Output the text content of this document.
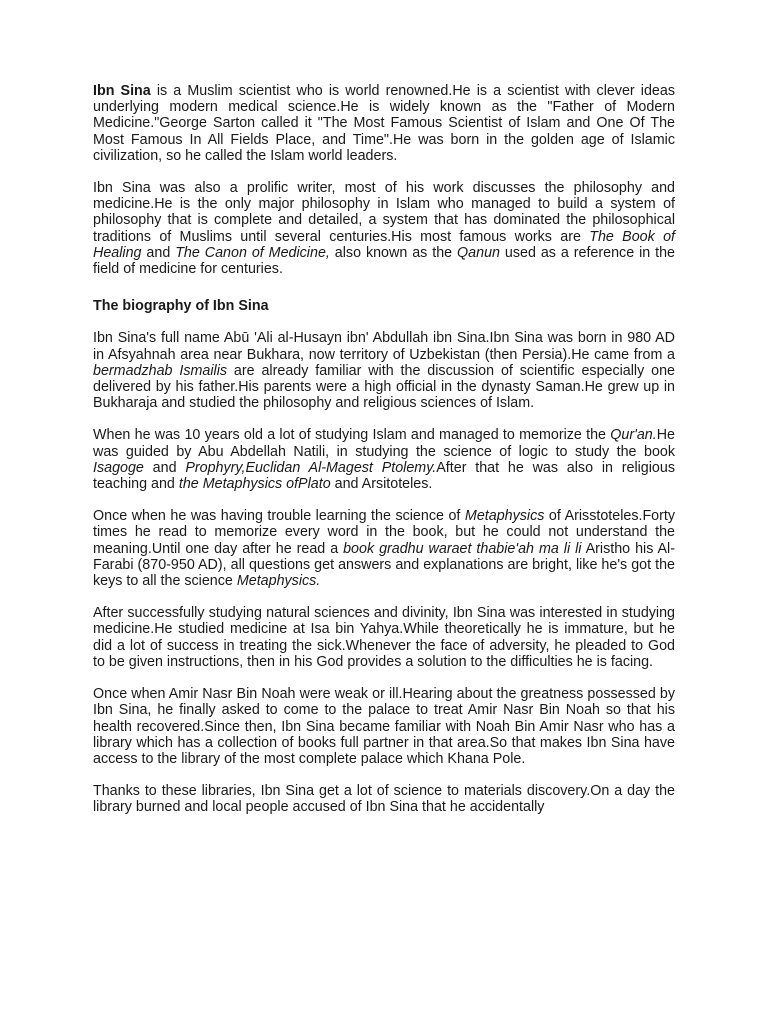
Ibn Sina is a Muslim scientist who is world renowned.He is a scientist with clever ideas underlying modern medical science.He is widely known as the "Father of Modern Medicine."George Sarton called it "The Most Famous Scientist of Islam and One Of The Most Famous In All Fields Place, and Time".He was born in the golden age of Islamic civilization, so he called the Islam world leaders.

Ibn Sina was also a prolific writer, most of his work discusses the philosophy and medicine.He is the only major philosophy in Islam who managed to build a system of philosophy that is complete and detailed, a system that has dominated the philosophical traditions of Muslims until several centuries.His most famous works are The Book of Healing and The Canon of Medicine, also known as the Qanun used as a reference in the field of medicine for centuries.

The biography of Ibn Sina

Ibn Sina's full name Abū 'Ali al-Husayn ibn' Abdullah ibn Sina.Ibn Sina was born in 980 AD in Afsyahnah area near Bukhara, now territory of Uzbekistan (then Persia).He came from a bermadzhab Ismailis are already familiar with the discussion of scientific especially one delivered by his father.His parents were a high official in the dynasty Saman.He grew up in Bukharaja and studied the philosophy and religious sciences of Islam.

When he was 10 years old a lot of studying Islam and managed to memorize the Qur'an.He was guided by Abu Abdellah Natili, in studying the science of logic to study the book Isagoge and Prophyry,Euclidan Al-Magest Ptolemy.After that he was also in religious teaching and the Metaphysics ofPlato and Arsitoteles.

Once when he was having trouble learning the science of Metaphysics of Arisstoteles.Forty times he read to memorize every word in the book, but he could not understand the meaning.Until one day after he read a book gradhu waraet thabie'ah ma li li Aristho his Al-Farabi (870-950 AD), all questions get answers and explanations are bright, like he's got the keys to all the science Metaphysics.

After successfully studying natural sciences and divinity, Ibn Sina was interested in studying medicine.He studied medicine at Isa bin Yahya.While theoretically he is immature, but he did a lot of success in treating the sick.Whenever the face of adversity, he pleaded to God to be given instructions, then in his God provides a solution to the difficulties he is facing.

Once when Amir Nasr Bin Noah were weak or ill.Hearing about the greatness possessed by Ibn Sina, he finally asked to come to the palace to treat Amir Nasr Bin Noah so that his health recovered.Since then, Ibn Sina became familiar with Noah Bin Amir Nasr who has a library which has a collection of books full partner in that area.So that makes Ibn Sina have access to the library of the most complete palace which Khana Pole.

Thanks to these libraries, Ibn Sina get a lot of science to materials discovery.On a day the library burned and local people accused of Ibn Sina that he accidentally
